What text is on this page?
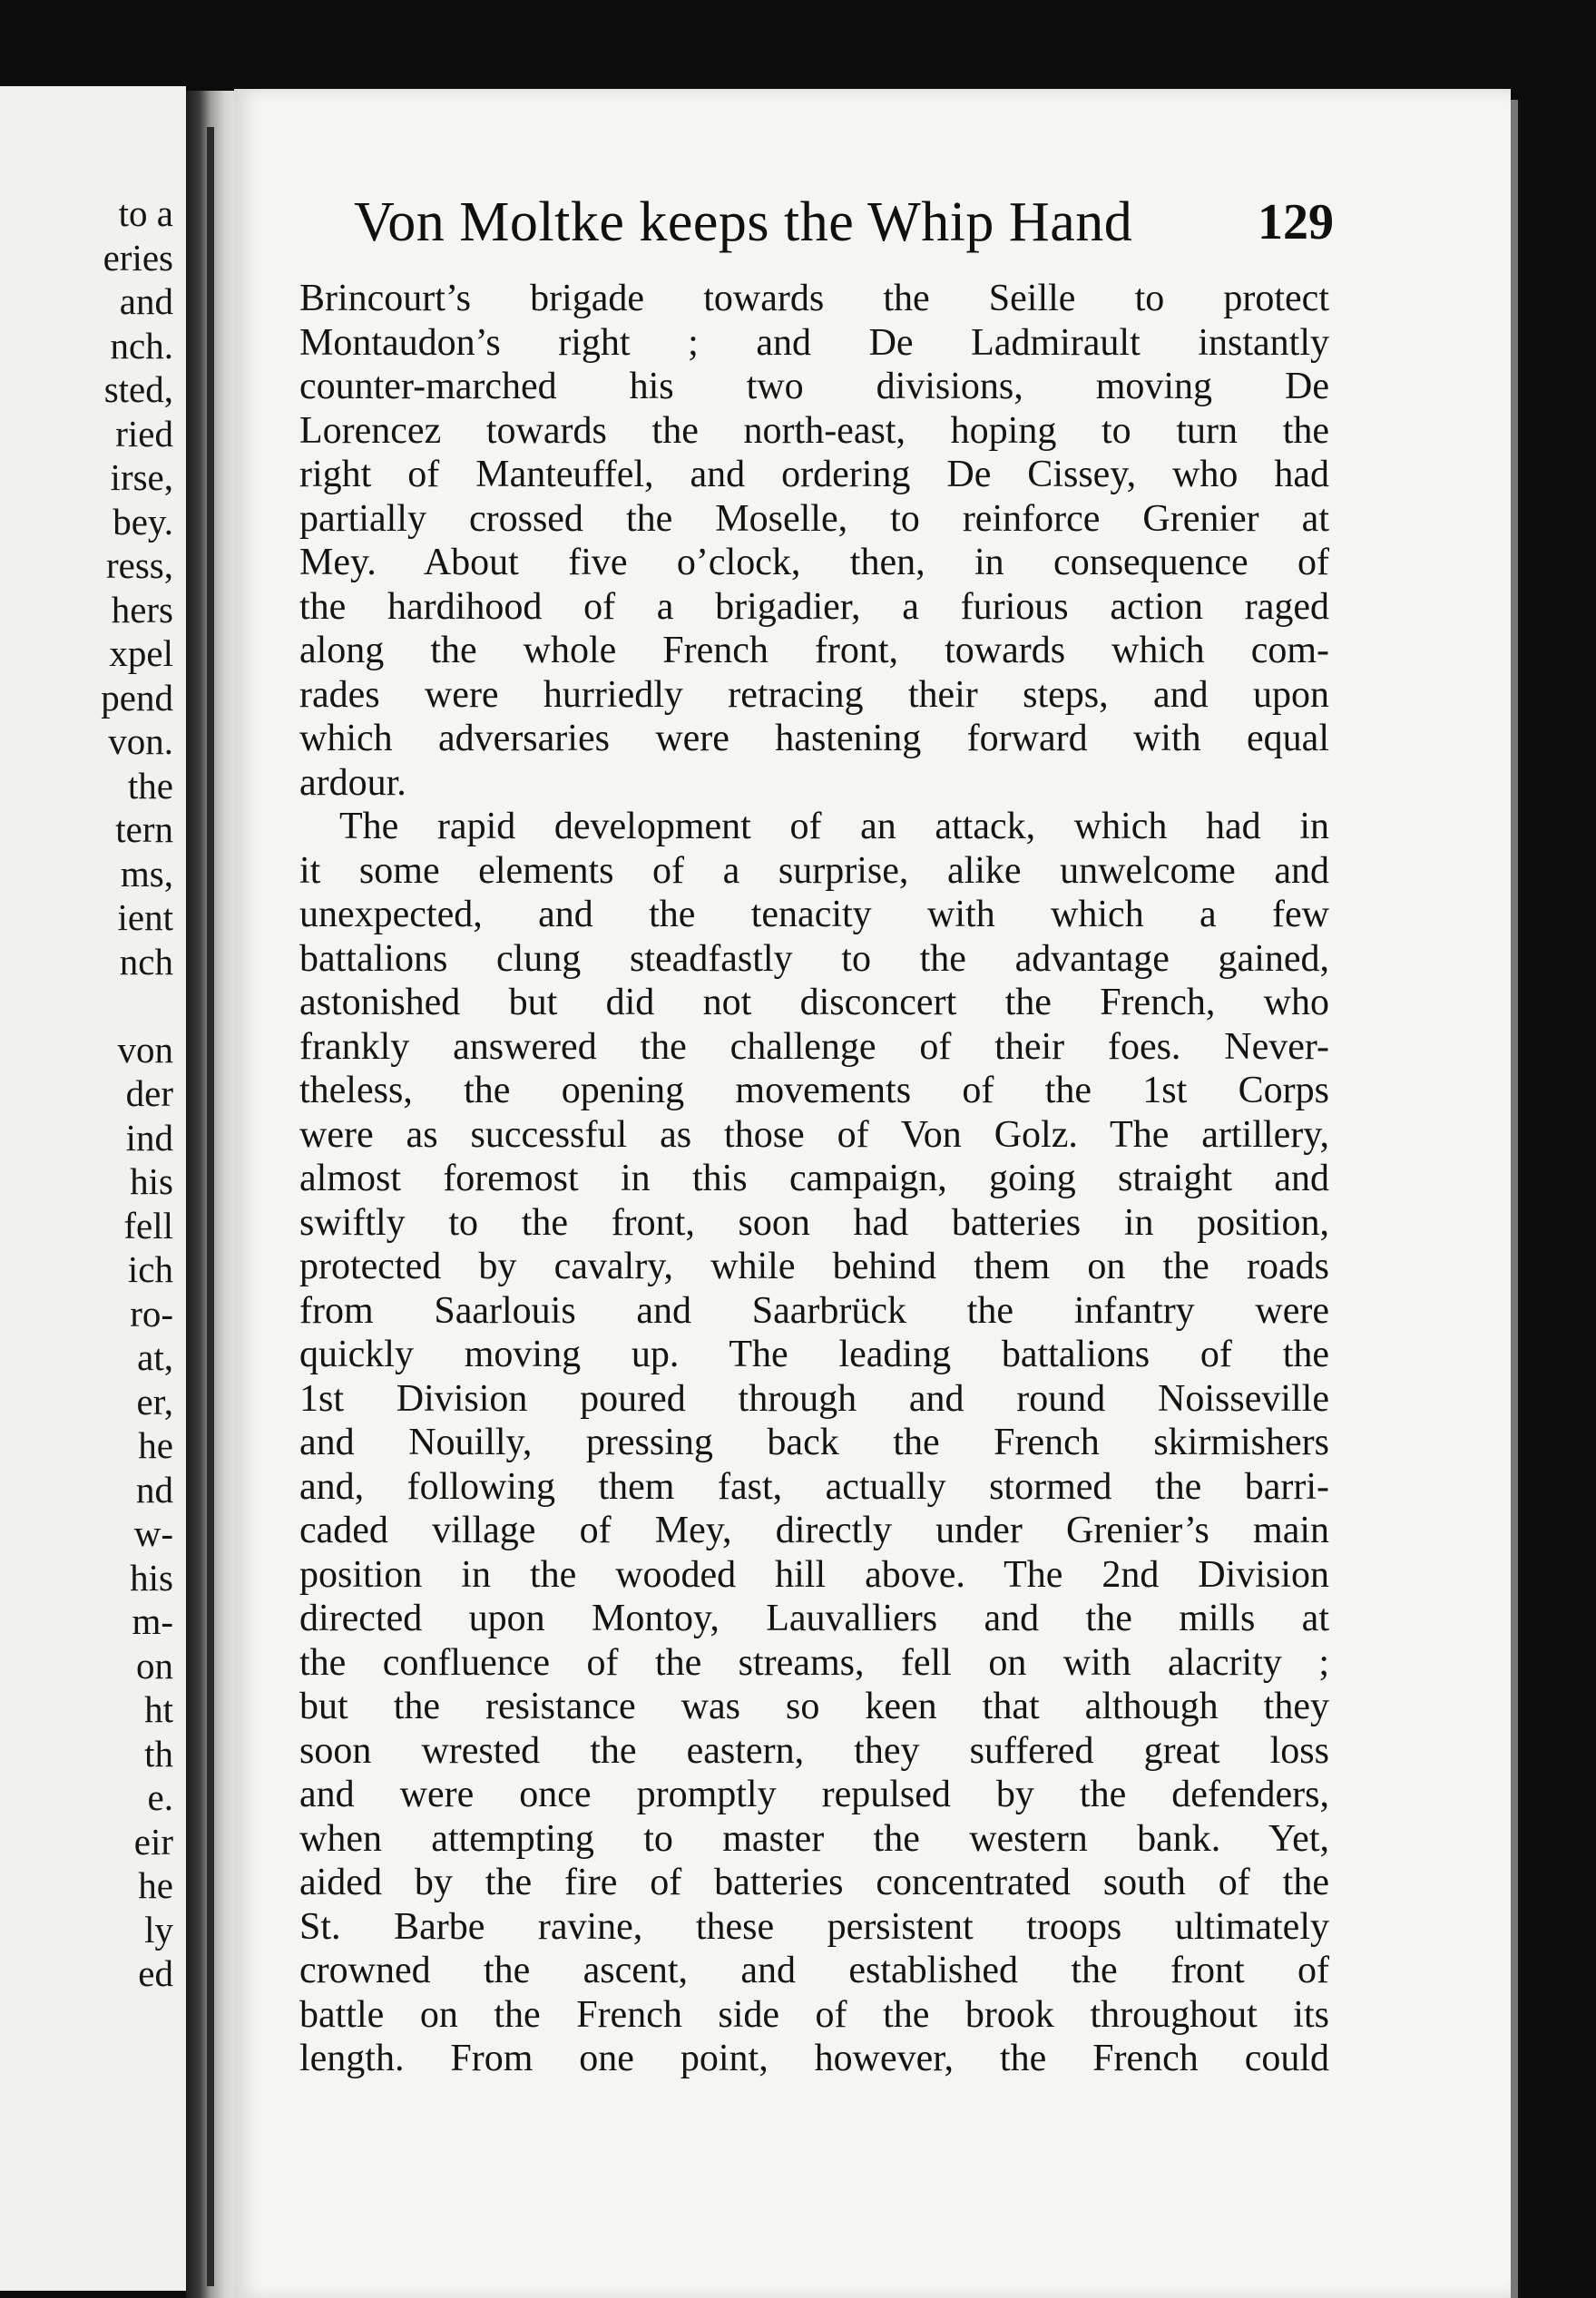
to a
eries
and
nch.
sted,
ried
irse,
bey.
ress,
hers
xpel
pend
von.
the
tern
ms,
ient
nch
von
der
ind
his
fell
ich
ro-
at,
er,
he
nd
w-
his
m-
on
ht
th
e.
eir
he
ly
ed
Von Moltke keeps the Whip Hand 129
Brincourt’s brigade towards the Seille to protect
Montaudon’s right ; and De Ladmirault instantly
counter-marched his two divisions, moving De
Lorencez towards the north-east, hoping to turn the
right of Manteuffel, and ordering De Cissey, who had
partially crossed the Moselle, to reinforce Grenier at
Mey. About five o’clock, then, in consequence of
the hardihood of a brigadier, a furious action raged
along the whole French front, towards which com-
rades were hurriedly retracing their steps, and upon
which adversaries were hastening forward with equal
ardour.
The rapid development of an attack, which had in
it some elements of a surprise, alike unwelcome and
unexpected, and the tenacity with which a few
battalions clung steadfastly to the advantage gained,
astonished but did not disconcert the French, who
frankly answered the challenge of their foes. Never-
theless, the opening movements of the 1st Corps
were as successful as those of Von Golz. The artillery,
almost foremost in this campaign, going straight and
swiftly to the front, soon had batteries in position,
protected by cavalry, while behind them on the roads
from Saarlouis and Saarbrück the infantry were
quickly moving up. The leading battalions of the
1st Division poured through and round Noisseville
and Nouilly, pressing back the French skirmishers
and, following them fast, actually stormed the barri-
caded village of Mey, directly under Grenier’s main
position in the wooded hill above. The 2nd Division
directed upon Montoy, Lauvalliers and the mills at
the confluence of the streams, fell on with alacrity ;
but the resistance was so keen that although they
soon wrested the eastern, they suffered great loss
and were once promptly repulsed by the defenders,
when attempting to master the western bank. Yet,
aided by the fire of batteries concentrated south of the
St. Barbe ravine, these persistent troops ultimately
crowned the ascent, and established the front of
battle on the French side of the brook throughout its
length. From one point, however, the French could
